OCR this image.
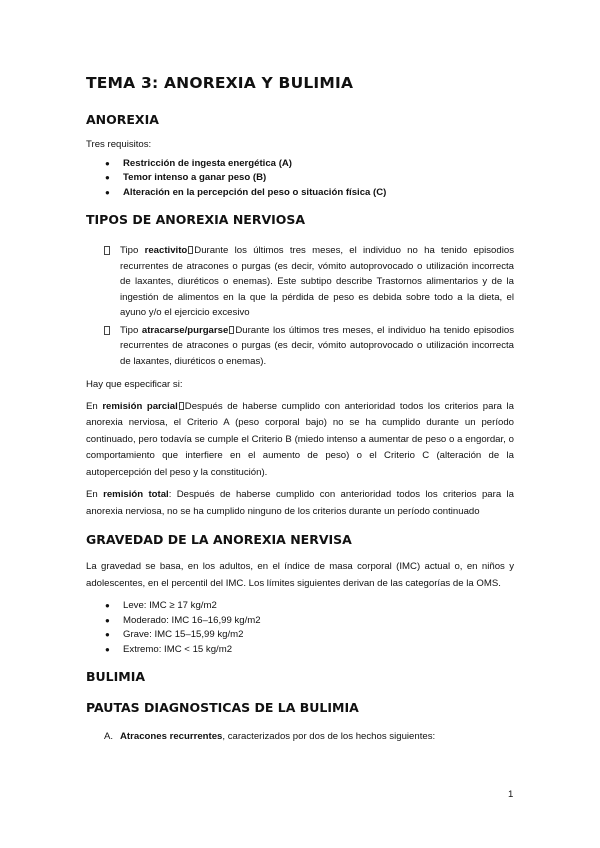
TEMA 3: ANOREXIA Y BULIMIA
ANOREXIA

Tres requisitos:

● Restricción de ingesta energética (A)
● Temor intenso a ganar peso (B)
● Alteración en la percepción del peso o situación física (C)
TIPOS DE ANOREXIA NERVIOSA
Tipo reactivito Durante los últimos tres meses, el individuo no ha tenido episodios recurrentes de atracones o purgas (es decir, vómito autoprovocado o utilización incorrecta de laxantes, diuréticos o enemas). Este subtipo describe Trastornos alimentarios y de la ingestión de alimentos en la que la pérdida de peso es debida sobre todo a la dieta, el ayuno y/o el ejercicio excesivo
Tipo atracarse/purgarse Durante los últimos tres meses, el individuo ha tenido episodios recurrentes de atracones o purgas (es decir, vómito autoprovocado o utilización incorrecta de laxantes, diuréticos o enemas).

Hay que especificar si:

En remisión parcial Después de haberse cumplido con anterioridad todos los criterios para la anorexia nerviosa, el Criterio A (peso corporal bajo) no se ha cumplido durante un período continuado, pero todavía se cumple el Criterio B (miedo intenso a aumentar de peso o a engordar, o comportamiento que interfiere en el aumento de peso) o el Criterio C (alteración de la autopercepción del peso y la constitución).

En remisión total: Después de haberse cumplido con anterioridad todos los criterios para la anorexia nerviosa, no se ha cumplido ninguno de los criterios durante un período continuado

GRAVEDAD DE LA ANOREXIA NERVISA

La gravedad se basa, en los adultos, en el índice de masa corporal (IMC) actual o, en niños y adolescentes, en el percentil del IMC. Los límites siguientes derivan de las categorías de la OMS.

● Leve: IMC ≥ 17 kg/m2
● Moderado: IMC 16–16,99 kg/m2
● Grave: IMC 15–15,99 kg/m2
● Extremo: IMC < 15 kg/m2
BULIMIA
PAUTAS DIAGNOSTICAS DE LA BULIMIA
A. Atracones recurrentes, caracterizados por dos de los hechos siguientes:
1
